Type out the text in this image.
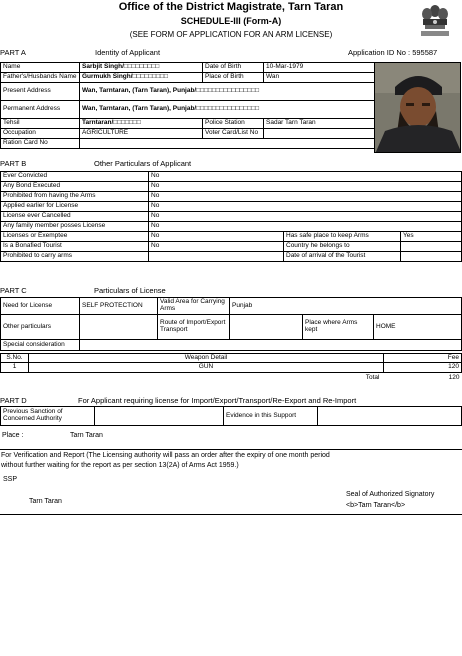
Office of the District Magistrate, Tarn Taran
SCHEDULE-III (Form-A)
(SEE FORM OF APPLICATION FOR AN ARM LICENSE)
PART A	Identity of Applicant	Application ID No : 595587
Name	Sarbjit Singh/□□□□□□□□□	Date of Birth	10-Mar-1979
Father's/Husbands Name	Gurmukh Singh/□□□□□□□□□	Place of Birth	Wan
Present Address	Wan, Tarntaran, (Tarn Taran), Punjab/□□□□□□□□□□□□□□□□		
Permanent Address	Wan, Tarntaran, (Tarn Taran), Punjab/□□□□□□□□□□□□□□□□		
Tehsil	Tarntaran/□□□□□□□	Police Station	Sadar Tarn Taran
Occupation	AGRICULTURE	Voter Card/List No	
Ration Card No			
PART B	Other Particulars of Applicant
Ever Convicted	No		
Any Bond Executed	No		
Prohibited from having the Arms	No		
Applied earlier for License	No		
License ever Cancelled	No		
Any family member posses License	No		
Licenses or Exemptee	No	Has safe place to keep Arms	Yes
Is a Bonafied Tourist	No	Country he belongs to	
Prohibited to carry arms		Date of arrival of the Tourist	
PART C	Particulars of License
Need for License	SELF PROTECTION	Valid Area for Carrying Arms	Punjab		
Other particulars		Route of Import/Export Transport		Place where Arms kept	HOME
Special consideration					
S.No.	Weapon Detail	Fee
1	GUN	120
	Total	120
PART D	For Applicant requiring license for Import/Export/Transport/Re-Export and Re-Import
Previous Sanction of Concerned Authority		Evidence in this Support	
Place :	Tarn Taran
For Verification and Report (The Licensing authority will pass an order after the expiry of one month period
without further waiting for the report as per section 13(2A) of Arms Act 1959.)
SSP
Tarn Taran
Seal of Authorized Signatory
<b>Tarn Taran</b>
